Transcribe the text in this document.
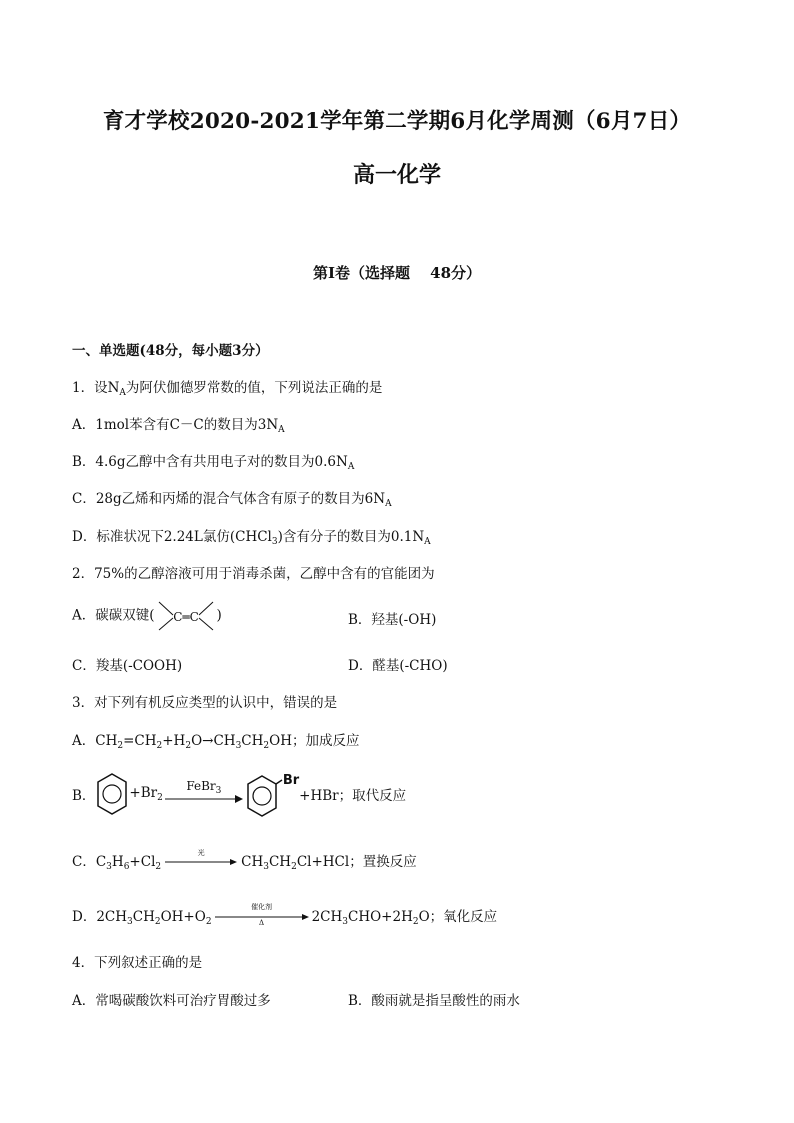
育才学校2020-2021学年第二学期6月化学周测（6月7日）
高一化学
第I卷（选择题　 48分）
一、单选题(48分，每小题3分）
1．设$N_A$为阿伏伽德罗常数的值，下列说法正确的是
A．1mol苯含有C－C的数目为$3N_A$
B．4.6g乙醇中含有共用电子对的数目为$0.6N_A$
C．28g乙烯和丙烯的混合气体含有原子的数目为$6N_A$
D．标准状况下2.24L氯仿(CHCl$_3$)含有分子的数目为$0.1N_A$
2．75%的乙醇溶液可用于消毒杀菌，乙醇中含有的官能团为
A．碳碳双键( C═C )	B．羟基(-OH)
C．羧基(-COOH)	D．醛基(-CHO)
3．对下列有机反应类型的认识中，错误的是
A．$CH_2=CH_2+H_2O\to CH_3CH_2OH$；加成反应
B．	$+Br_2$
FeBr$_3$
Br+HBr；取代反应
C．$C_3H_6+Cl_2$
光
$CH_3CH_2Cl+HCl$；置换反应
D．$2CH_3CH_2OH+O_2$
催化剂
Δ	$2CH_3CHO+2H_2O$；氧化反应
4．下列叙述正确的是
A．常喝碳酸饮料可治疗胃酸过多	B．酸雨就是指呈酸性的雨水
